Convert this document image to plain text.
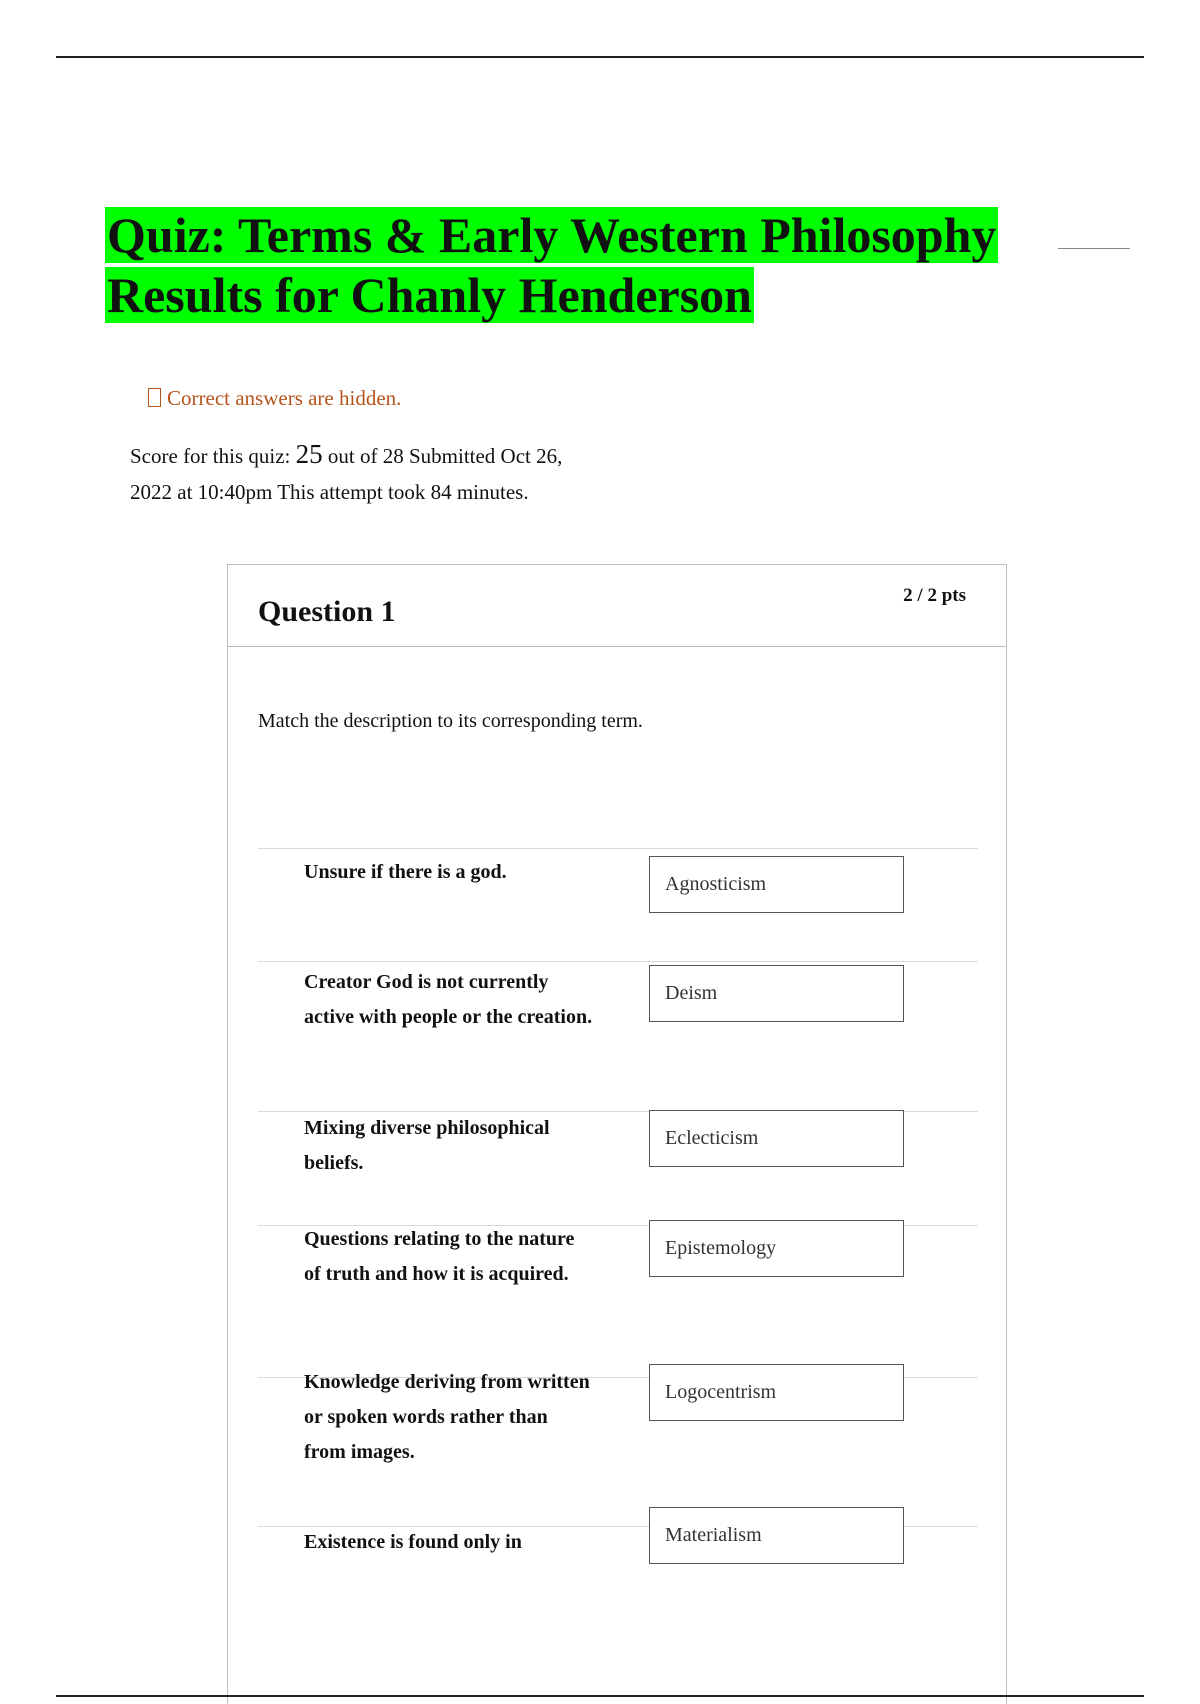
Quiz: Terms & Early Western Philosophy
Results for Chanly Henderson
Correct answers are hidden.
Score for this quiz: 25 out of 28 Submitted Oct 26, 2022 at 10:40pm This attempt took 84 minutes.
Question 1	2 / 2 pts
Match the description to its corresponding term.
Unsure if there is a god.
Agnosticism
Creator God is not currently active with people or the creation.
Deism
Mixing diverse philosophical beliefs.
Eclecticism
Questions relating to the nature of truth and how it is acquired.
Epistemology
Knowledge deriving from written or spoken words rather than from images.
Logocentrism
Existence is found only in	Materialism
